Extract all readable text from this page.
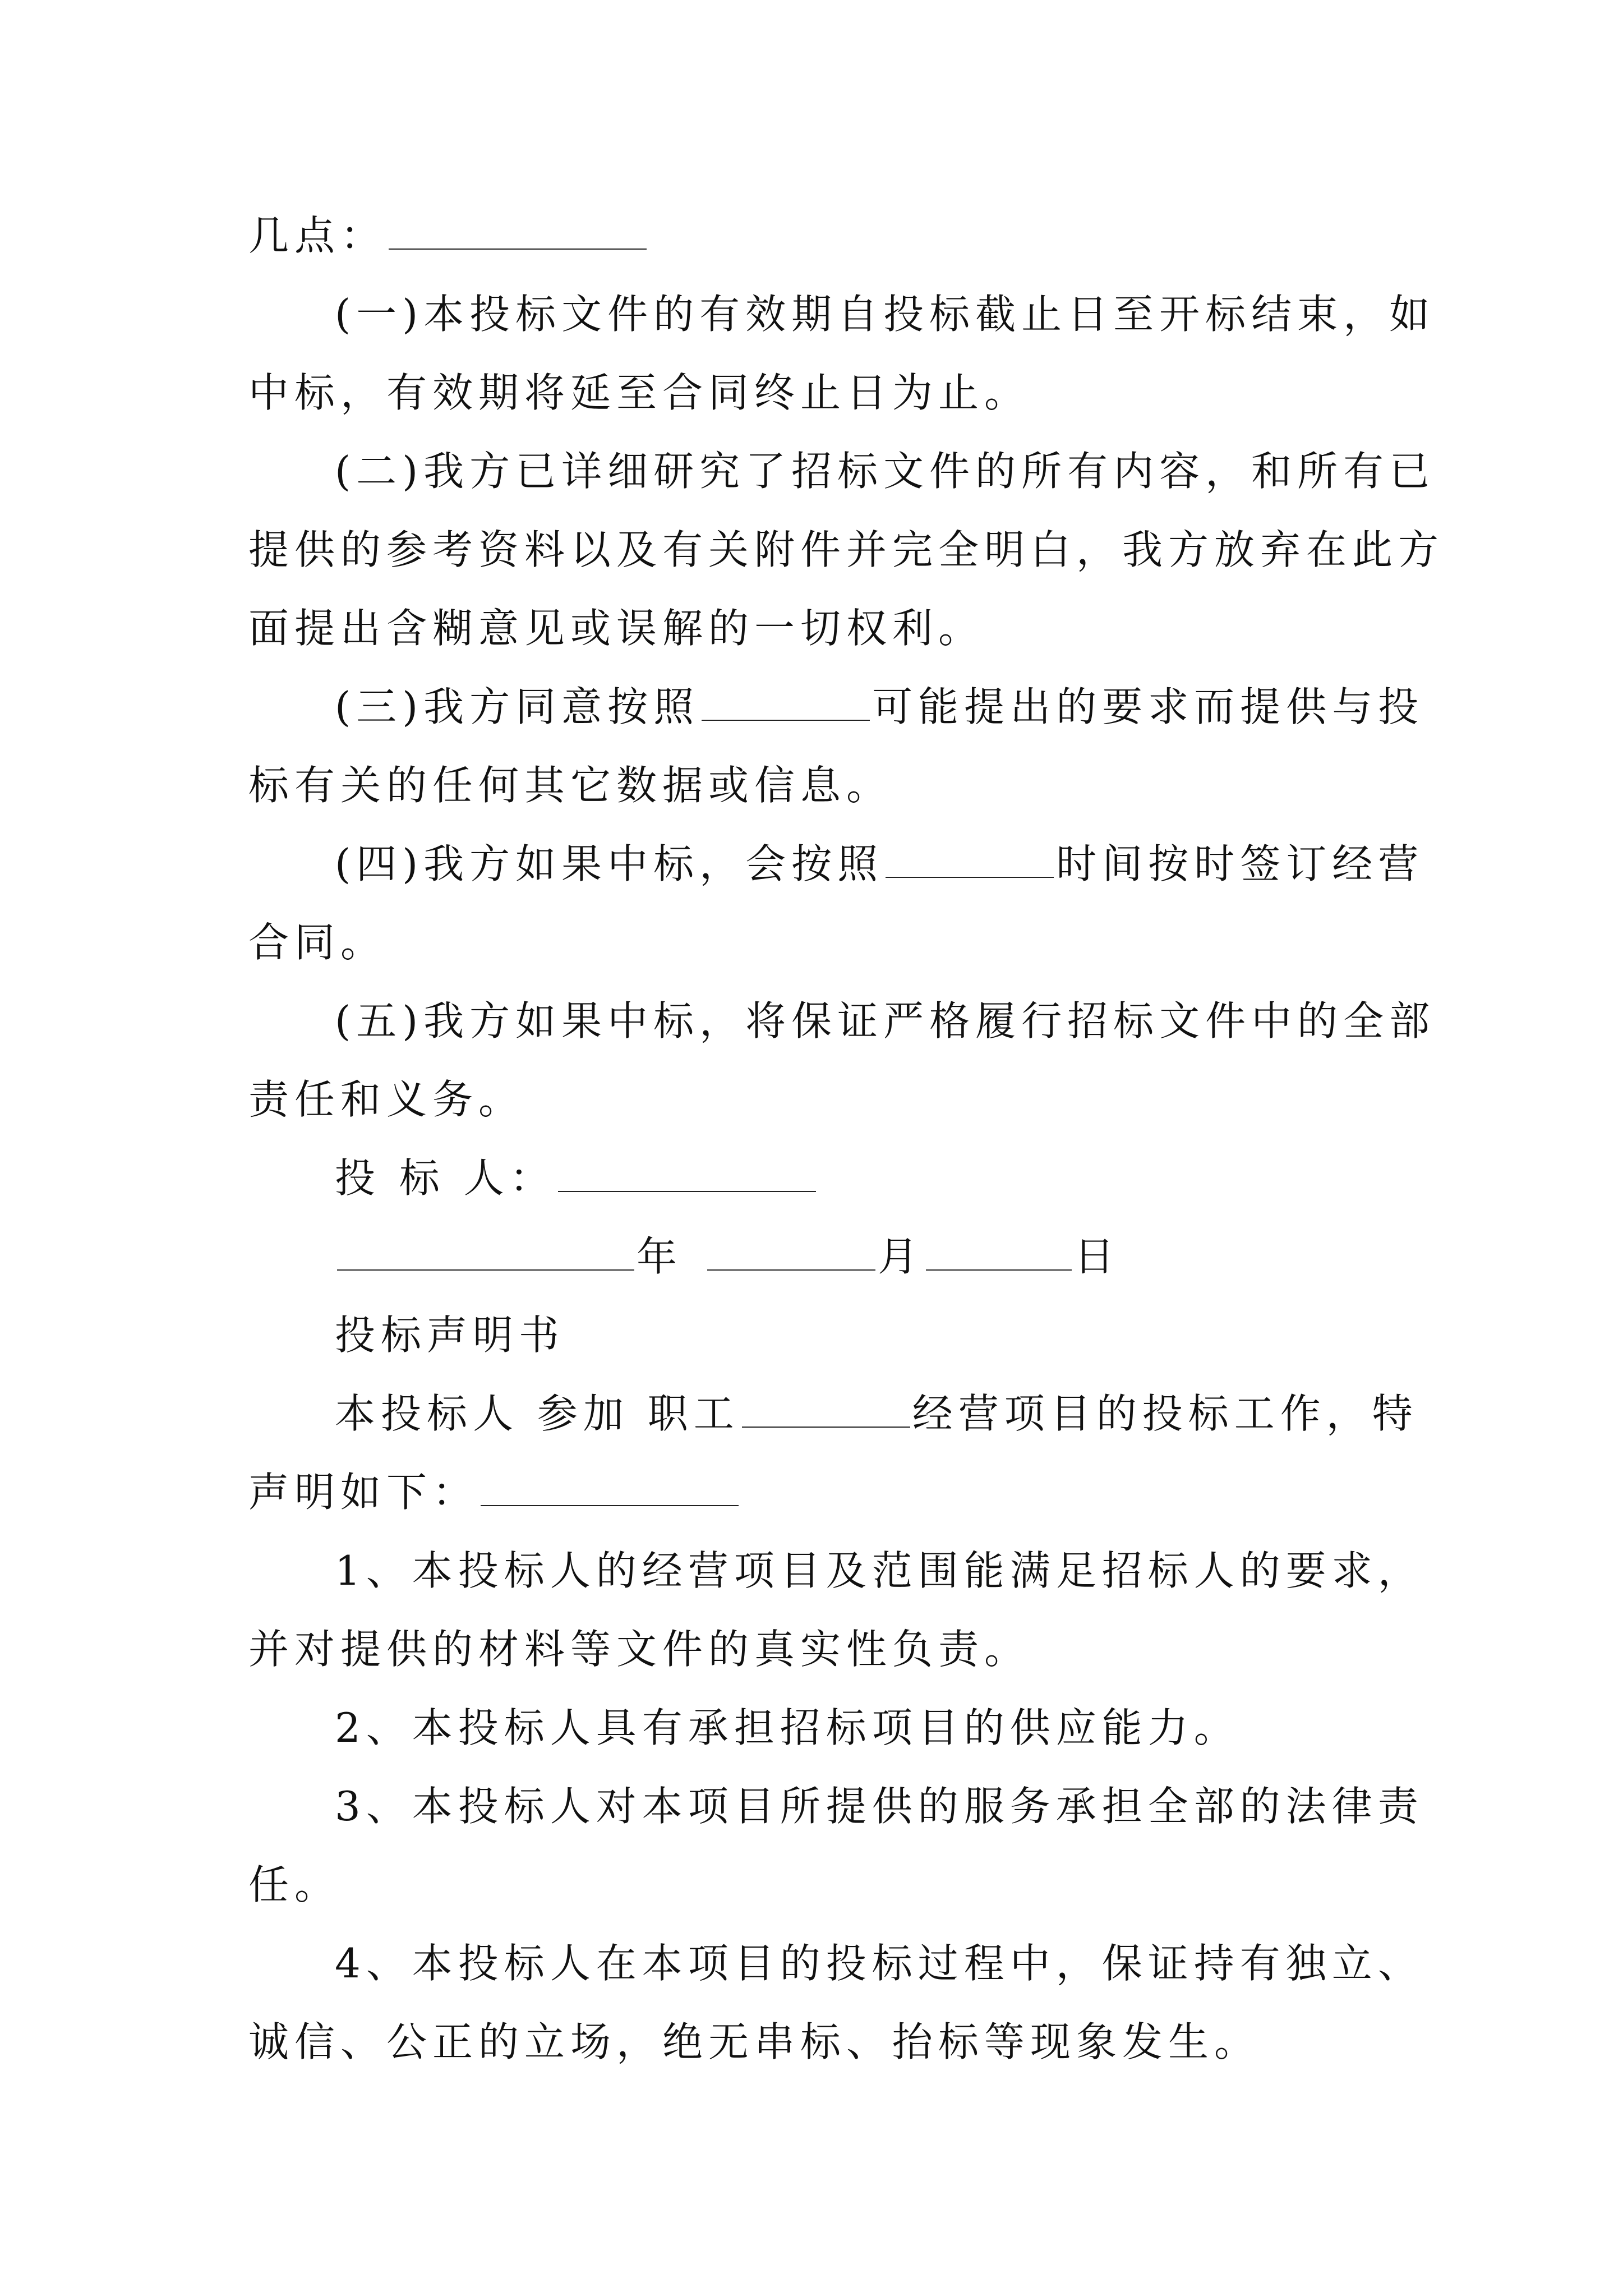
几点：
(一)本投标文件的有效期自投标截止日至开标结束，如
中标，有效期将延至合同终止日为止。
(二)我方已详细研究了招标文件的所有内容，和所有已
提供的参考资料以及有关附件并完全明白，我方放弃在此方
面提出含糊意见或误解的一切权利。
(三)我方同意按照	可能提出的要求而提供与投
标有关的任何其它数据或信息。
(四)我方如果中标，会按照	时间按时签订经营
合同。
(五)我方如果中标，将保证严格履行招标文件中的全部
责任和义务。
投 标 人：
年	月	日
投标声明书
本投标人 参加 职工	经营项目的投标工作，特
声明如下：
1、本投标人的经营项目及范围能满足招标人的要求，
并对提供的材料等文件的真实性负责。
2、本投标人具有承担招标项目的供应能力。
3、本投标人对本项目所提供的服务承担全部的法律责
任。
4、本投标人在本项目的投标过程中，保证持有独立、
诚信、公正的立场，绝无串标、抬标等现象发生。
